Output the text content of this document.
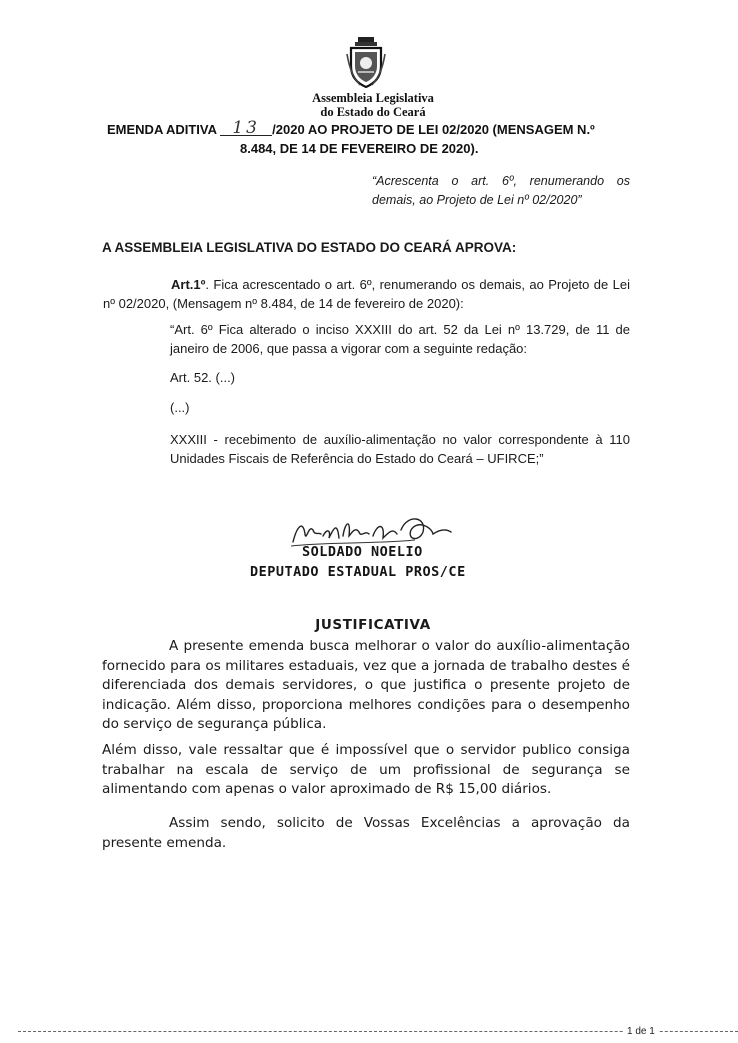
Assembleia Legislativa
do Estado do Ceará
EMENDA ADITIVA 13 /2020 AO PROJETO DE LEI 02/2020 (MENSAGEM N.º
8.484, DE 14 DE FEVEREIRO DE 2020).
“Acrescenta o art. 6º, renumerando os demais, ao Projeto de Lei nº 02/2020”
A ASSEMBLEIA LEGISLATIVA DO ESTADO DO CEARÁ APROVA:
Art.1º. Fica acrescentado o art. 6º, renumerando os demais, ao Projeto de Lei nº 02/2020, (Mensagem nº 8.484, de 14 de fevereiro de 2020):
“Art. 6º Fica alterado o inciso XXXIII do art. 52 da Lei nº 13.729, de 11 de janeiro de 2006, que passa a vigorar com a seguinte redação:
Art. 52. (...)
(...)
XXXIII - recebimento de auxílio-alimentação no valor correspondente à 110 Unidades Fiscais de Referência do Estado do Ceará – UFIRCE;”
SOLDADO NOELIO
DEPUTADO ESTADUAL PROS/CE
JUSTIFICATIVA
A presente emenda busca melhorar o valor do auxílio-alimentação fornecido para os militares estaduais, vez que a jornada de trabalho destes é diferenciada dos demais servidores, o que justifica o presente projeto de indicação. Além disso, proporciona melhores condições para o desempenho do serviço de segurança pública.
Além disso, vale ressaltar que é impossível que o servidor publico consiga trabalhar na escala de serviço de um profissional de segurança se alimentando com apenas o valor aproximado de R$ 15,00 diários.
Assim sendo, solicito de Vossas Excelências a aprovação da presente emenda.
1 de 1
